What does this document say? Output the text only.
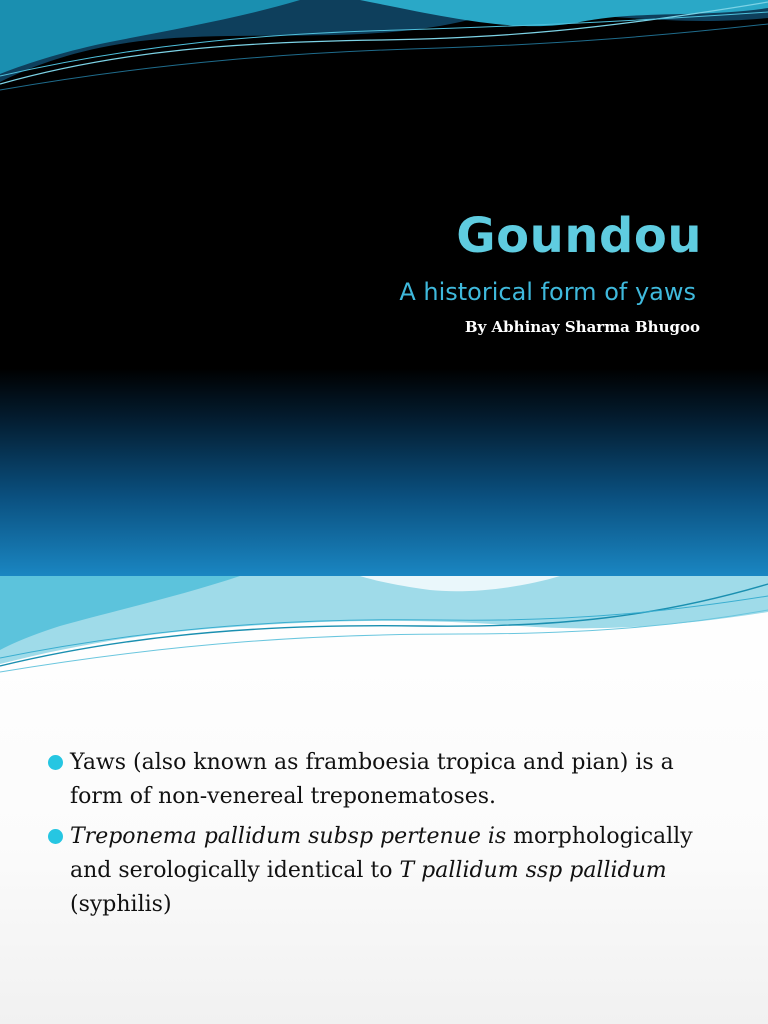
Goundou
A historical form of yaws
By Abhinay Sharma Bhugoo
Yaws (also known as framboesia tropica and pian) is a form of non-venereal treponematoses.
Treponema pallidum subsp pertenue is morphologically and serologically identical to T pallidum ssp pallidum (syphilis)
